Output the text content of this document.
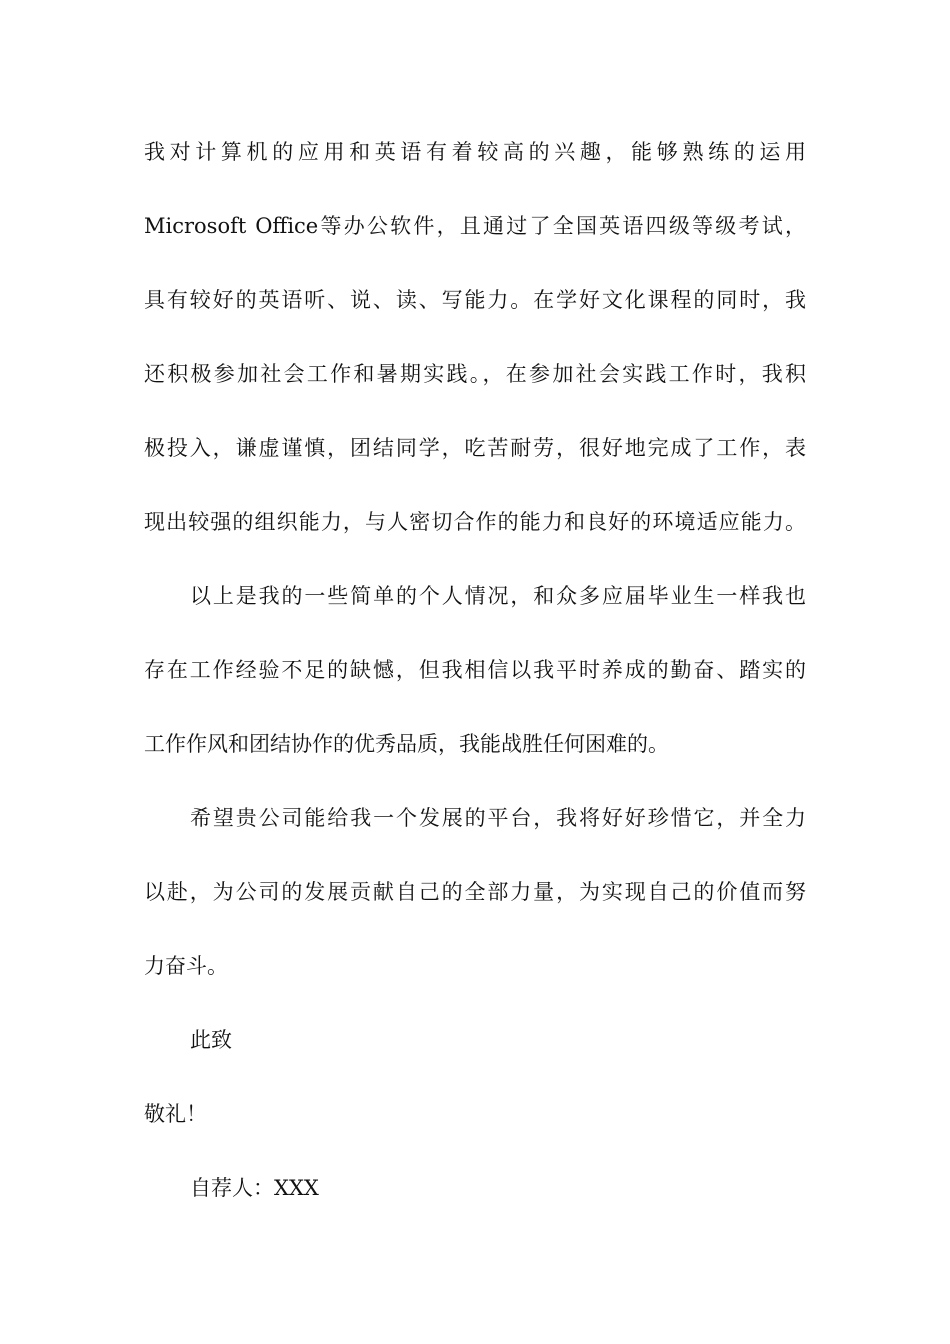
我对计算机的应用和英语有着较高的兴趣，能够熟练的运用
Microsoft Office等办公软件，且通过了全国英语四级等级考试，
具有较好的英语听、说、读、写能力。在学好文化课程的同时，我
还积极参加社会工作和暑期实践。，在参加社会实践工作时，我积
极投入，谦虚谨慎，团结同学，吃苦耐劳，很好地完成了工作，表
现出较强的组织能力，与人密切合作的能力和良好的环境适应能力。
以上是我的一些简单的个人情况，和众多应届毕业生一样我也
存在工作经验不足的缺憾，但我相信以我平时养成的勤奋、踏实的
工作作风和团结协作的优秀品质，我能战胜任何困难的。
希望贵公司能给我一个发展的平台，我将好好珍惜它，并全力
以赴，为公司的发展贡献自己的全部力量，为实现自己的价值而努
力奋斗。
此致
敬礼！
自荐人：XXX
